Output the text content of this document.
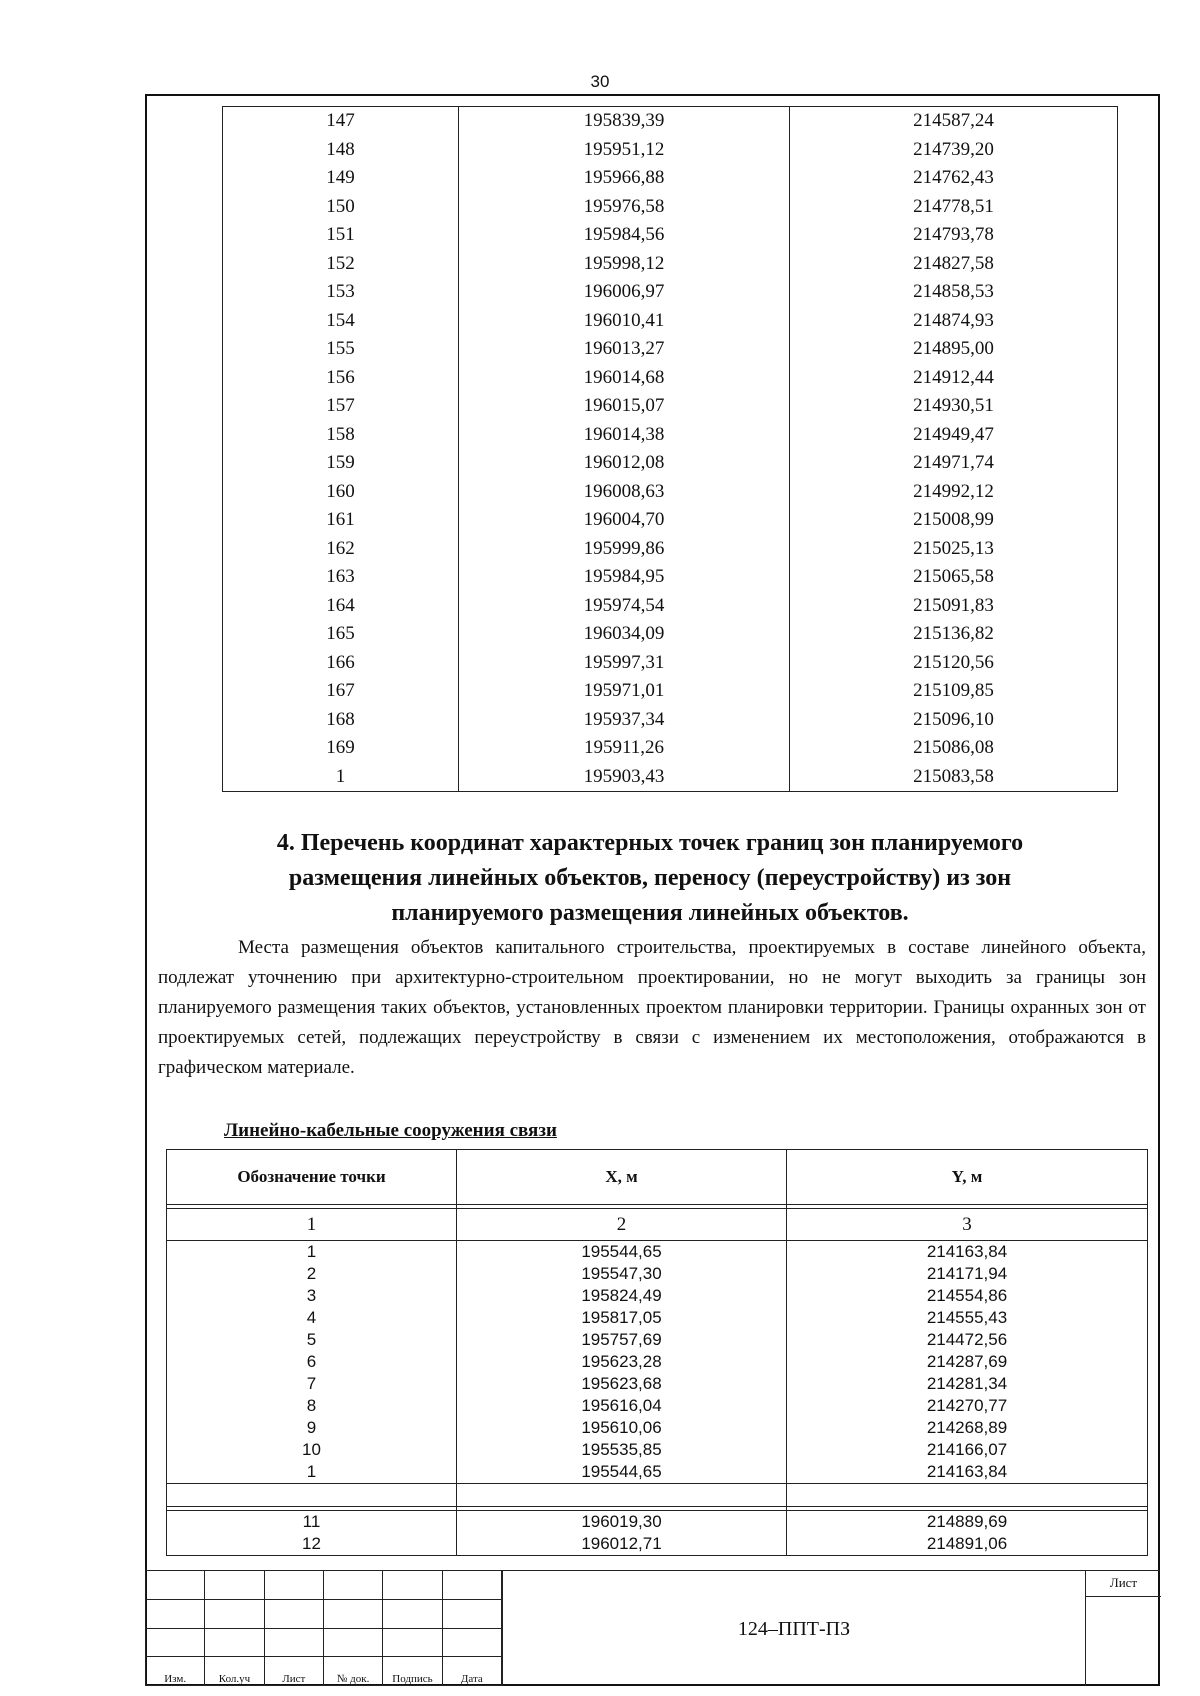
30
147	195839,39	214587,24
148	195951,12	214739,20
149	195966,88	214762,43
150	195976,58	214778,51
151	195984,56	214793,78
152	195998,12	214827,58
153	196006,97	214858,53
154	196010,41	214874,93
155	196013,27	214895,00
156	196014,68	214912,44
157	196015,07	214930,51
158	196014,38	214949,47
159	196012,08	214971,74
160	196008,63	214992,12
161	196004,70	215008,99
162	195999,86	215025,13
163	195984,95	215065,58
164	195974,54	215091,83
165	196034,09	215136,82
166	195997,31	215120,56
167	195971,01	215109,85
168	195937,34	215096,10
169	195911,26	215086,08
1	195903,43	215083,58

4. Перечень координат характерных точек границ зон планируемого

размещения линейных объектов, переносу (переустройству) из зон

планируемого размещения линейных объектов.

Места размещения объектов капитального строительства, проектируемых в составе линейного объекта, подлежат уточнению при архитектурно-строительном проектировании, но не могут выходить за границы зон планируемого размещения таких объектов, установленных проектом планировки территории. Границы охранных зон от проектируемых сетей, подлежащих переустройству в связи с изменением их местоположения, отображаются в графическом материале.

Линейно-кабельные сооружения связи
Обозначение точки	X, м	Y, м

1	2	3
1	195544,65	214163,84
2	195547,30	214171,94
3	195824,49	214554,86
4	195817,05	214555,43
5	195757,69	214472,56
6	195623,28	214287,69
7	195623,68	214281,34
8	195616,04	214270,77
9	195610,06	214268,89
10	195535,85	214166,07
1	195544,65	214163,84

11	196019,30	214889,69
12	196012,71	214891,06

Изм.	Кол.уч	Лист	№ док.	Подпись	Дата
124–ППТ-ПЗ
Лист
